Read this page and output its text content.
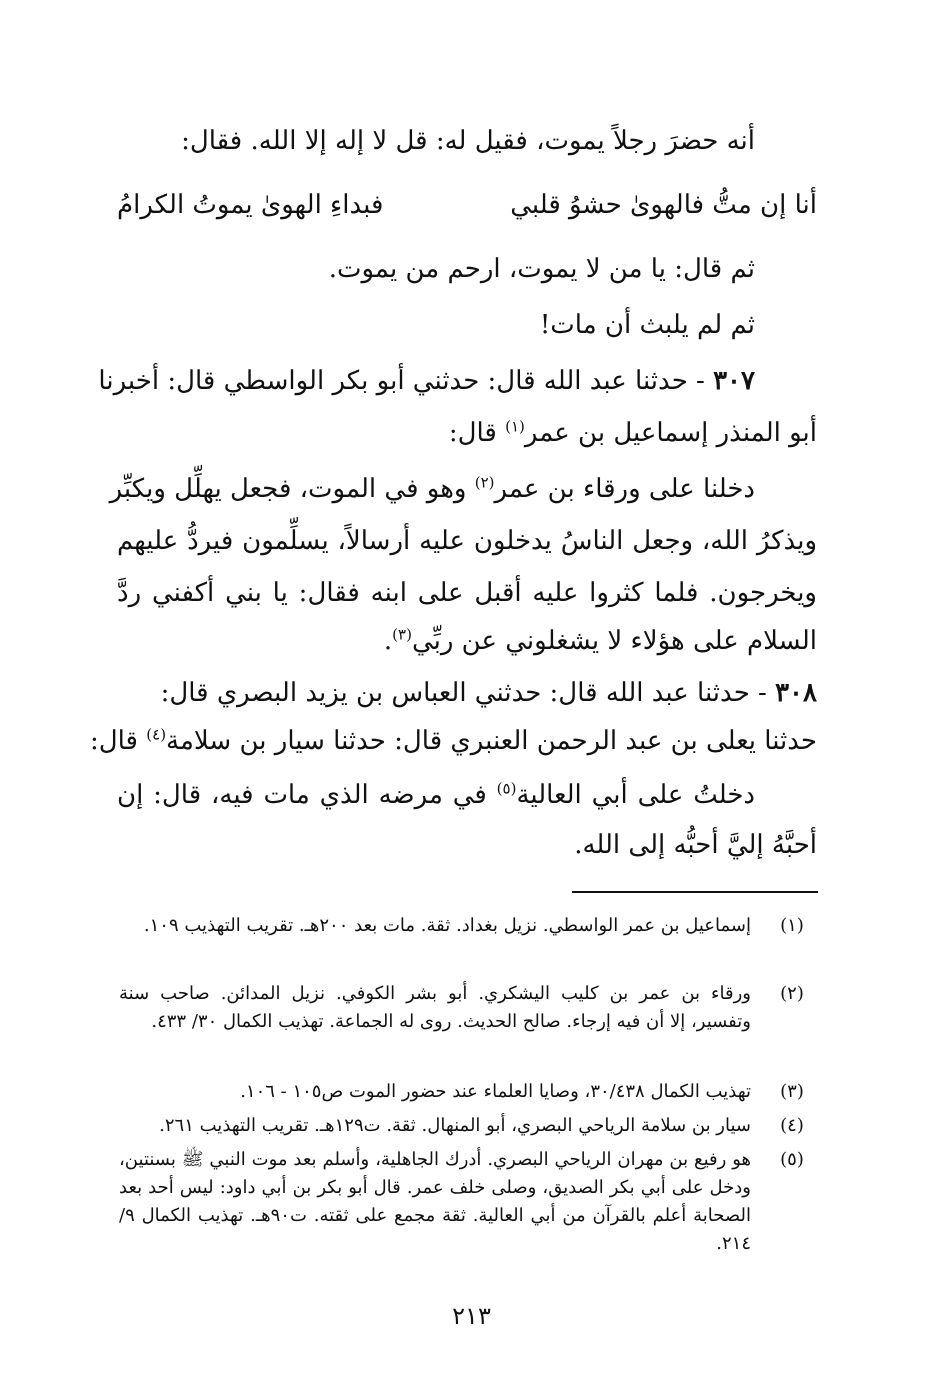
أنه حضرَ رجلاً يموت، فقيل له: قل لا إله إلا الله. فقال:
أنا إن متُّ فالهوىٰ حشوُ قلبي
فبداءِ الهوىٰ يموتُ الكرامُ
ثم قال: يا من لا يموت، ارحم من يموت.
ثم لم يلبث أن مات!
٣٠٧ - حدثنا عبد الله قال: حدثني أبو بكر الواسطي قال: أخبرنا
أبو المنذر إسماعيل بن عمر$^{(١)}$ قال:
دخلنا على ورقاء بن عمر$^{(٢)}$ وهو في الموت، فجعل يهلِّل ويكبِّر
ويذكرُ الله، وجعل الناسُ يدخلون عليه أرسالاً، يسلِّمون فيردُّ عليهم
ويخرجون. فلما كثروا عليه أقبل على ابنه فقال: يا بني أكفني ردَّ
السلام على هؤلاء لا يشغلوني عن ربِّي$^{(٣)}$.
٣٠٨ - حدثنا عبد الله قال: حدثني العباس بن يزيد البصري قال:
حدثنا يعلى بن عبد الرحمن العنبري قال: حدثنا سيار بن سلامة$^{(٤)}$ قال:
دخلتُ على أبي العالية$^{(٥)}$ في مرضه الذي مات فيه، قال: إن
أحبَّهُ إليَّ أحبُّه إلى الله.
(١)
إسماعيل بن عمر الواسطي. نزيل بغداد. ثقة. مات بعد ٢٠٠هـ. تقريب التهذيب ١٠٩.
(٢)
ورقاء بن عمر بن كليب اليشكري. أبو بشر الكوفي. نزيل المدائن. صاحب سنة وتفسير، إلا أن فيه إرجاء. صالح الحديث. روى له الجماعة. تهذيب الكمال ٣٠/ ٤٣٣.
(٣)
تهذيب الكمال ٣٠/٤٣٨، وصايا العلماء عند حضور الموت ص١٠٥ - ١٠٦.
(٤)
سيار بن سلامة الرياحي البصري، أبو المنهال. ثقة. ت١٢٩هـ. تقريب التهذيب ٢٦١.
(٥)
هو رفيع بن مهران الرياحي البصري. أدرك الجاهلية، وأسلم بعد موت النبي ﷺ بسنتين، ودخل على أبي بكر الصديق، وصلى خلف عمر. قال أبو بكر بن أبي داود: ليس أحد بعد الصحابة أعلم بالقرآن من أبي العالية. ثقة مجمع على ثقته. ت٩٠هـ. تهذيب الكمال ٩/ ٢١٤.
٢١٣
